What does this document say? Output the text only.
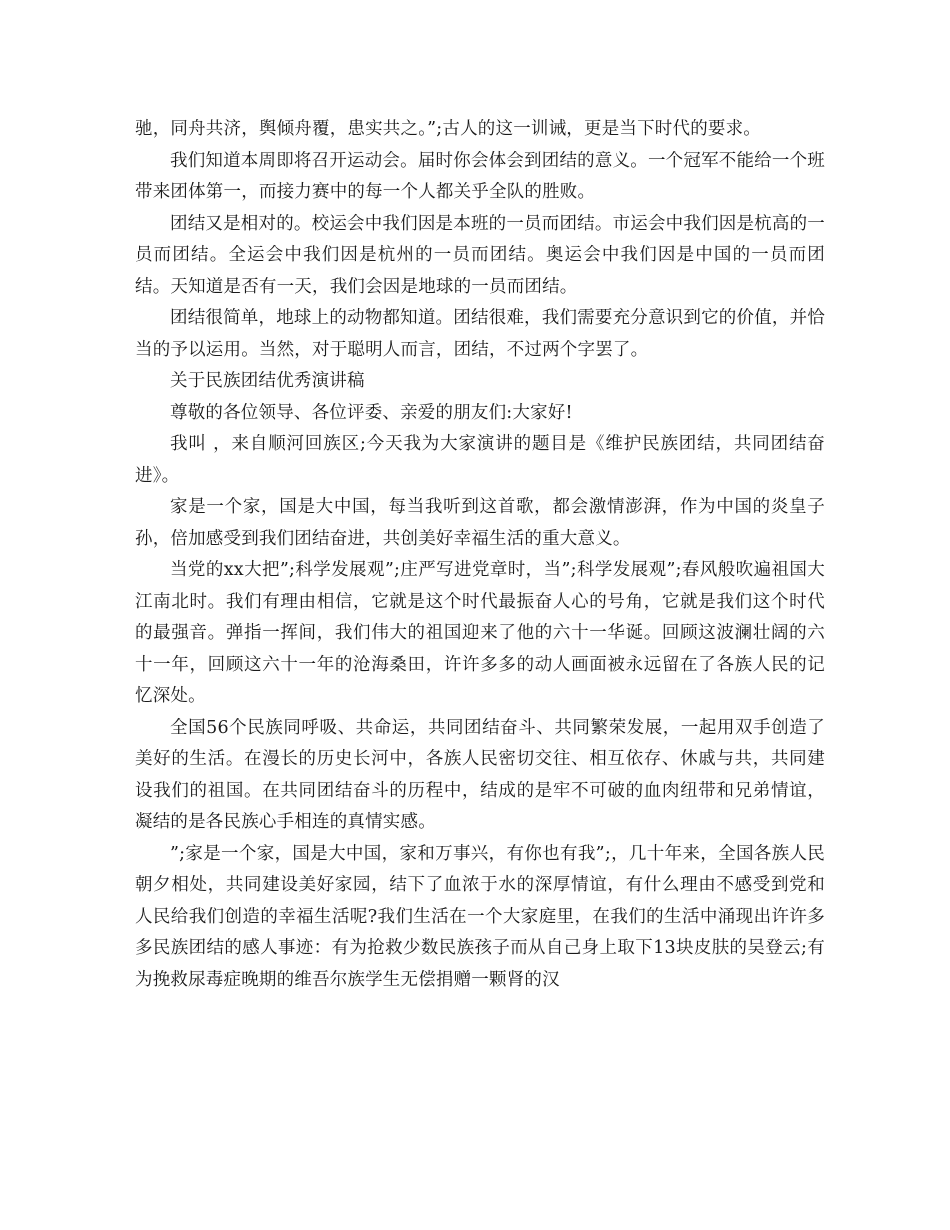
驰，同舟共济，舆倾舟覆，患实共之。”;古人的这一训诫，更是当下时代的要求。

我们知道本周即将召开运动会。届时你会体会到团结的意义。一个冠军不能给一个班带来团体第一，而接力赛中的每一个人都关乎全队的胜败。

团结又是相对的。校运会中我们因是本班的一员而团结。市运会中我们因是杭高的一员而团结。全运会中我们因是杭州的一员而团结。奥运会中我们因是中国的一员而团结。天知道是否有一天，我们会因是地球的一员而团结。

团结很简单，地球上的动物都知道。团结很难，我们需要充分意识到它的价值，并恰当的予以运用。当然，对于聪明人而言，团结，不过两个字罢了。

关于民族团结优秀演讲稿

尊敬的各位领导、各位评委、亲爱的朋友们:大家好!

我叫 ，来自顺河回族区;今天我为大家演讲的题目是《维护民族团结，共同团结奋进》。

家是一个家，国是大中国，每当我听到这首歌，都会激情澎湃，作为中国的炎皇子孙，倍加感受到我们团结奋进，共创美好幸福生活的重大意义。

当党的xx大把”;科学发展观”;庄严写进党章时，当”;科学发展观”;春风般吹遍祖国大江南北时。我们有理由相信，它就是这个时代最振奋人心的号角，它就是我们这个时代的最强音。弹指一挥间，我们伟大的祖国迎来了他的六十一华诞。回顾这波澜壮阔的六十一年，回顾这六十一年的沧海桑田，许许多多的动人画面被永远留在了各族人民的记忆深处。

全国56个民族同呼吸、共命运，共同团结奋斗、共同繁荣发展，一起用双手创造了美好的生活。在漫长的历史长河中，各族人民密切交往、相互依存、休戚与共，共同建设我们的祖国。在共同团结奋斗的历程中，结成的是牢不可破的血肉纽带和兄弟情谊，凝结的是各民族心手相连的真情实感。

”;家是一个家，国是大中国，家和万事兴，有你也有我”;，几十年来，全国各族人民朝夕相处，共同建设美好家园，结下了血浓于水的深厚情谊，有什么理由不感受到党和人民给我们创造的幸福生活呢?我们生活在一个大家庭里，在我们的生活中涌现出许许多多民族团结的感人事迹：有为抢救少数民族孩子而从自己身上取下13块皮肤的吴登云;有为挽救尿毒症晚期的维吾尔族学生无偿捐赠一颗肾的汉
